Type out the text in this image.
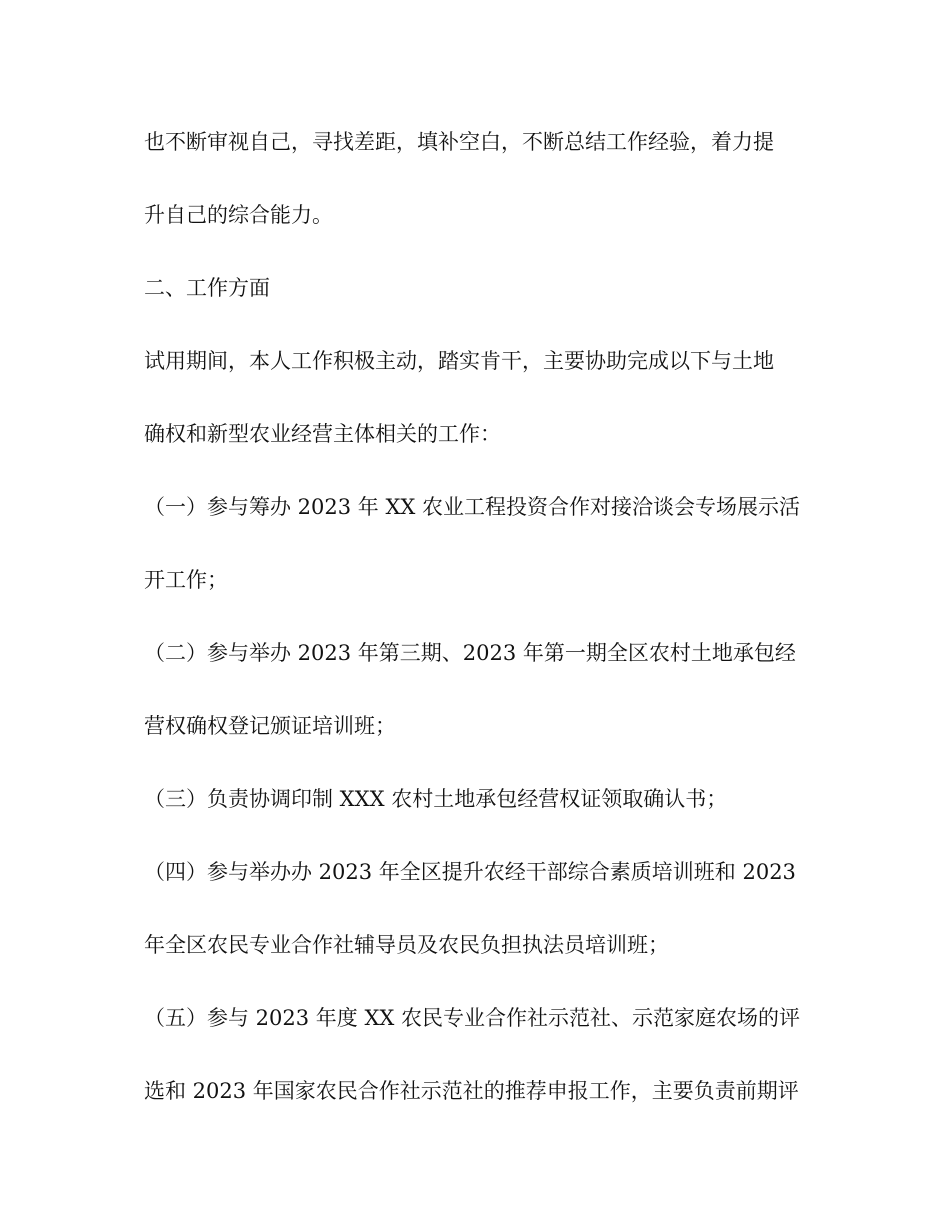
也不断审视自己，寻找差距，填补空白，不断总结工作经验，着力提
升自己的综合能力。
二、工作方面
试用期间，本人工作积极主动，踏实肯干，主要协助完成以下与土地
确权和新型农业经营主体相关的工作：
（一）参与筹办 2023 年 XX 农业工程投资合作对接洽谈会专场展示活
开工作；
（二）参与举办 2023 年第三期、2023 年第一期全区农村土地承包经
营权确权登记颁证培训班；
（三）负责协调印制 XXX 农村土地承包经营权证领取确认书；
（四）参与举办办 2023 年全区提升农经干部综合素质培训班和 2023
年全区农民专业合作社辅导员及农民负担执法员培训班；
（五）参与 2023 年度 XX 农民专业合作社示范社、示范家庭农场的评
选和 2023 年国家农民合作社示范社的推荐申报工作，主要负责前期评
